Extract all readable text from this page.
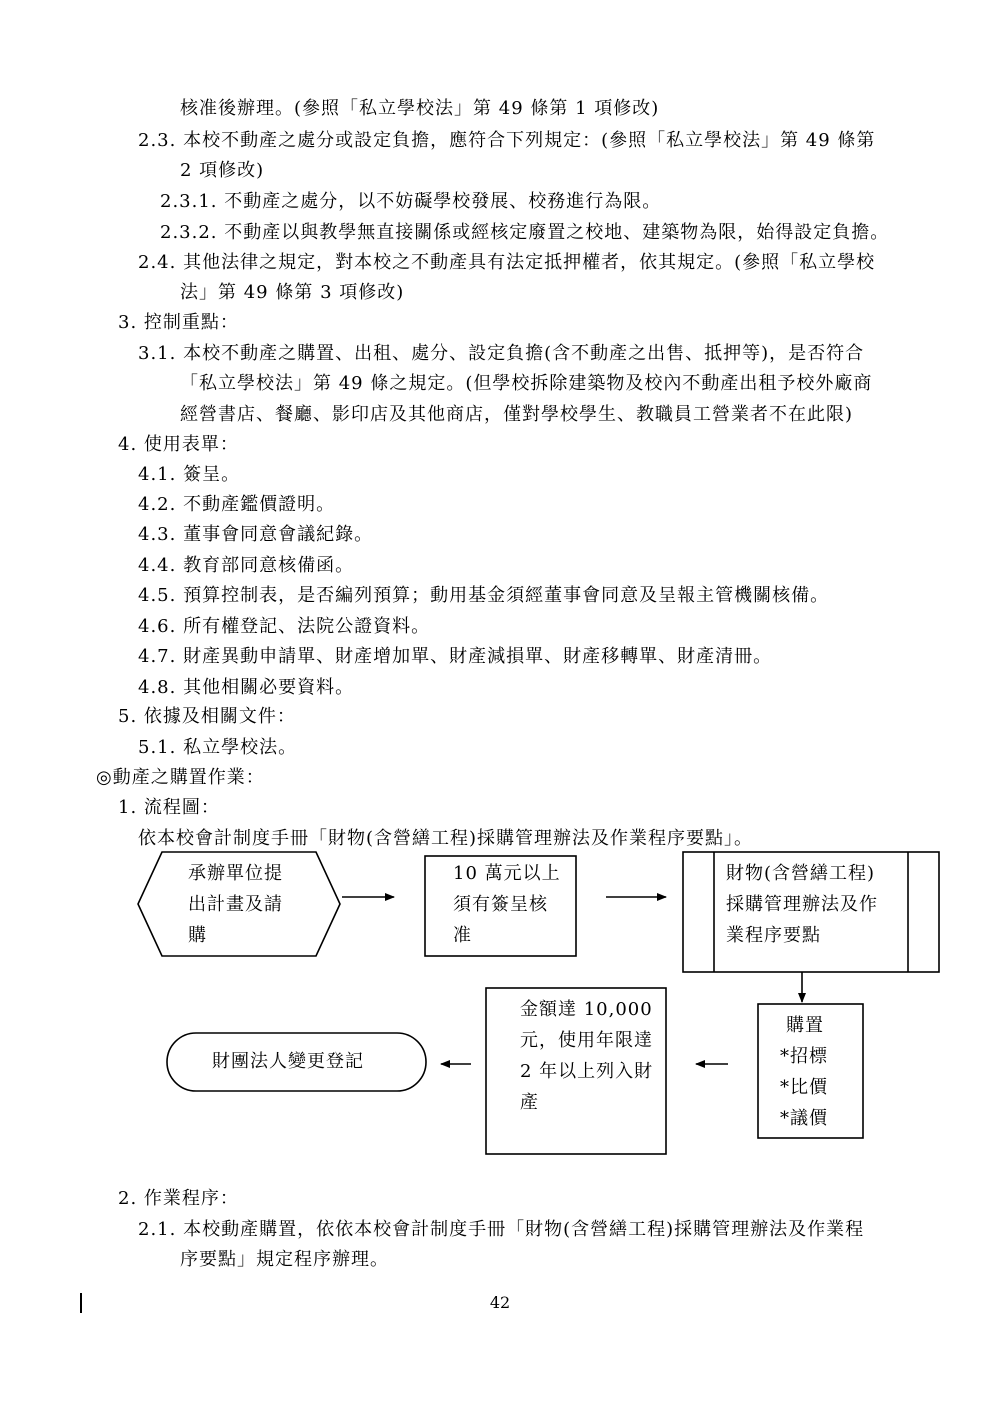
核准後辦理。(參照「私立學校法」第 49 條第 1 項修改)
2.3. 本校不動產之處分或設定負擔，應符合下列規定：(參照「私立學校法」第 49 條第
2 項修改)
2.3.1. 不動產之處分，以不妨礙學校發展、校務進行為限。
2.3.2. 不動產以與教學無直接關係或經核定廢置之校地、建築物為限，始得設定負擔。
2.4. 其他法律之規定，對本校之不動產具有法定抵押權者，依其規定。(參照「私立學校
法」第 49 條第 3 項修改)
3. 控制重點：
3.1. 本校不動產之購置、出租、處分、設定負擔(含不動產之出售、抵押等)，是否符合
「私立學校法」第 49 條之規定。(但學校拆除建築物及校內不動產出租予校外廠商
經營書店、餐廳、影印店及其他商店，僅對學校學生、教職員工營業者不在此限)
4. 使用表單：
4.1. 簽呈。
4.2. 不動產鑑價證明。
4.3. 董事會同意會議紀錄。
4.4. 教育部同意核備函。
4.5. 預算控制表，是否編列預算；動用基金須經董事會同意及呈報主管機關核備。
4.6. 所有權登記、法院公證資料。
4.7. 財產異動申請單、財產增加單、財產減損單、財產移轉單、財產清冊。
4.8. 其他相關必要資料。
5. 依據及相關文件：
5.1. 私立學校法。
◎動產之購置作業：
1. 流程圖：
依本校會計制度手冊「財物(含營繕工程)採購管理辦法及作業程序要點」。
承辦單位提
出計畫及請
購
10 萬元以上
須有簽呈核
准
財物(含營繕工程)
採購管理辦法及作
業程序要點
購置
*招標
*比價
*議價
金額達 10,000
元，使用年限達
2 年以上列入財
產
財團法人變更登記
2. 作業程序：
2.1. 本校動產購置，依依本校會計制度手冊「財物(含營繕工程)採購管理辦法及作業程
序要點」規定程序辦理。
42
